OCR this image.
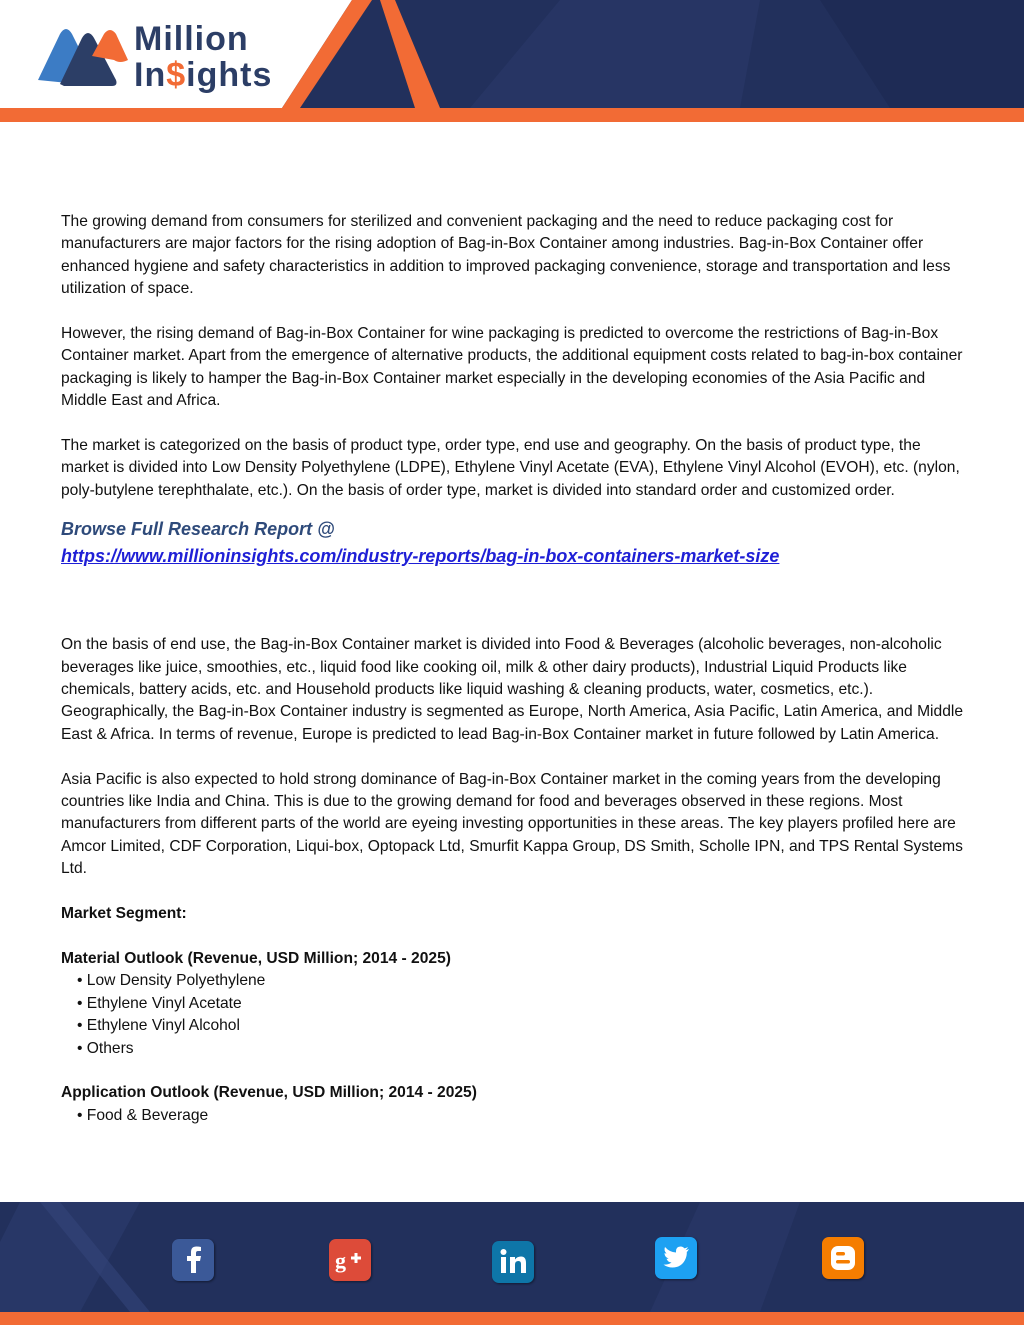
Million
In$ights

The growing demand from consumers for sterilized and convenient packaging and the need to reduce packaging cost for manufacturers are major factors for the rising adoption of Bag-in-Box Container among industries. Bag-in-Box Container offer enhanced hygiene and safety characteristics in addition to improved packaging convenience, storage and transportation and less utilization of space.

However, the rising demand of Bag-in-Box Container for wine packaging is predicted to overcome the restrictions of Bag-in-Box Container market. Apart from the emergence of alternative products, the additional equipment costs related to bag-in-box container packaging is likely to hamper the Bag-in-Box Container market especially in the developing economies of the Asia Pacific and Middle East and Africa.

The market is categorized on the basis of product type, order type, end use and geography. On the basis of product type, the market is divided into Low Density Polyethylene (LDPE), Ethylene Vinyl Acetate (EVA), Ethylene Vinyl Alcohol (EVOH), etc. (nylon, poly-butylene terephthalate, etc.). On the basis of order type, market is divided into standard order and customized order.

Browse Full Research Report @
https://www.millioninsights.com/industry-reports/bag-in-box-containers-market-size

On the basis of end use, the Bag-in-Box Container market is divided into Food & Beverages (alcoholic beverages, non-alcoholic beverages like juice, smoothies, etc., liquid food like cooking oil, milk & other dairy products), Industrial Liquid Products like chemicals, battery acids, etc. and Household products like liquid washing & cleaning products, water, cosmetics, etc.). Geographically, the Bag-in-Box Container industry is segmented as Europe, North America, Asia Pacific, Latin America, and Middle East & Africa. In terms of revenue, Europe is predicted to lead Bag-in-Box Container market in future followed by Latin America.

Asia Pacific is also expected to hold strong dominance of Bag-in-Box Container market in the coming years from the developing countries like India and China. This is due to the growing demand for food and beverages observed in these regions. Most manufacturers from different parts of the world are eyeing investing opportunities in these areas. The key players profiled here are Amcor Limited, CDF Corporation, Liqui-box, Optopack Ltd, Smurfit Kappa Group, DS Smith, Scholle IPN, and TPS Rental Systems Ltd.

Market Segment:
Material Outlook (Revenue, USD Million; 2014 - 2025)
• Low Density Polyethylene
• Ethylene Vinyl Acetate
• Ethylene Vinyl Alcohol
• Others
Application Outlook (Revenue, USD Million; 2014 - 2025)
• Food & Beverage
g
